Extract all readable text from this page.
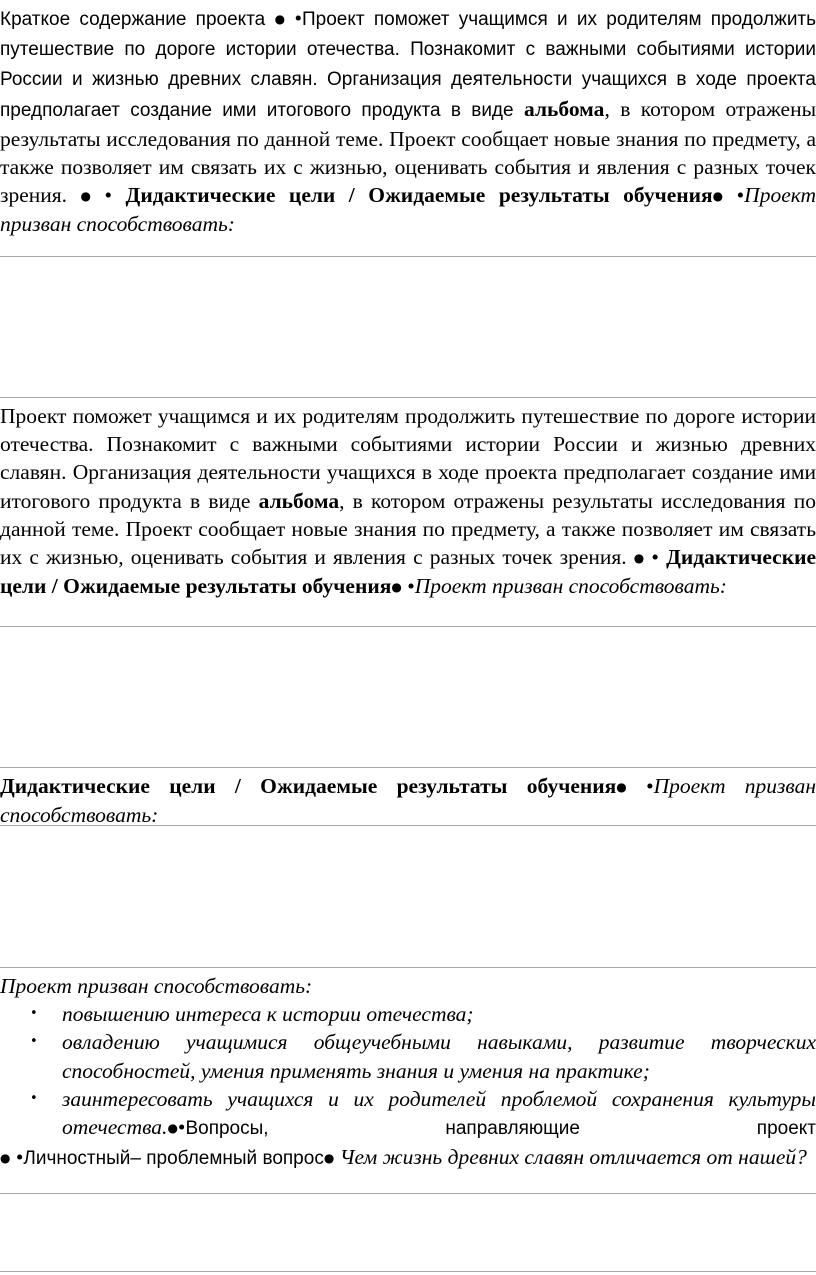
Краткое содержание проекта ● •Проект поможет учащимся и их родителям продолжить путешествие по дороге истории отечества. Познакомит с важными событиями истории России и жизнью древних славян. Организация деятельности учащихся в ходе проекта предполагает создание ими итогового продукта в виде альбома, в котором отражены результаты исследования по данной теме. Проект сообщает новые знания по предмету, а также позволяет им связать их с жизнью, оценивать события и явления с разных точек зрения. ● • Дидактические цели / Ожидаемые результаты обучения● •Проект призван способствовать:
Проект поможет учащимся и их родителям продолжить путешествие по дороге истории отечества. Познакомит с важными событиями истории России и жизнью древних славян. Организация деятельности учащихся в ходе проекта предполагает создание ими итогового продукта в виде альбома, в котором отражены результаты исследования по данной теме. Проект сообщает новые знания по предмету, а также позволяет им связать их с жизнью, оценивать события и явления с разных точек зрения. ● • Дидактические цели / Ожидаемые результаты обучения● •Проект призван способствовать:
Дидактические цели / Ожидаемые результаты обучения● •Проект призван способствовать:

Проект призван способствовать:

• повышению интереса к истории отечества;
• овладению учащимися общеучебными навыками, развитие творческих способностей, умения применять знания и умения на практике;
• заинтересовать учащихся и их родителей проблемой сохранения культуры отечества.●•Вопросы, направляющие проект

● •Личностный– проблемный вопрос● Чем жизнь древних славян отличается от нашей?
